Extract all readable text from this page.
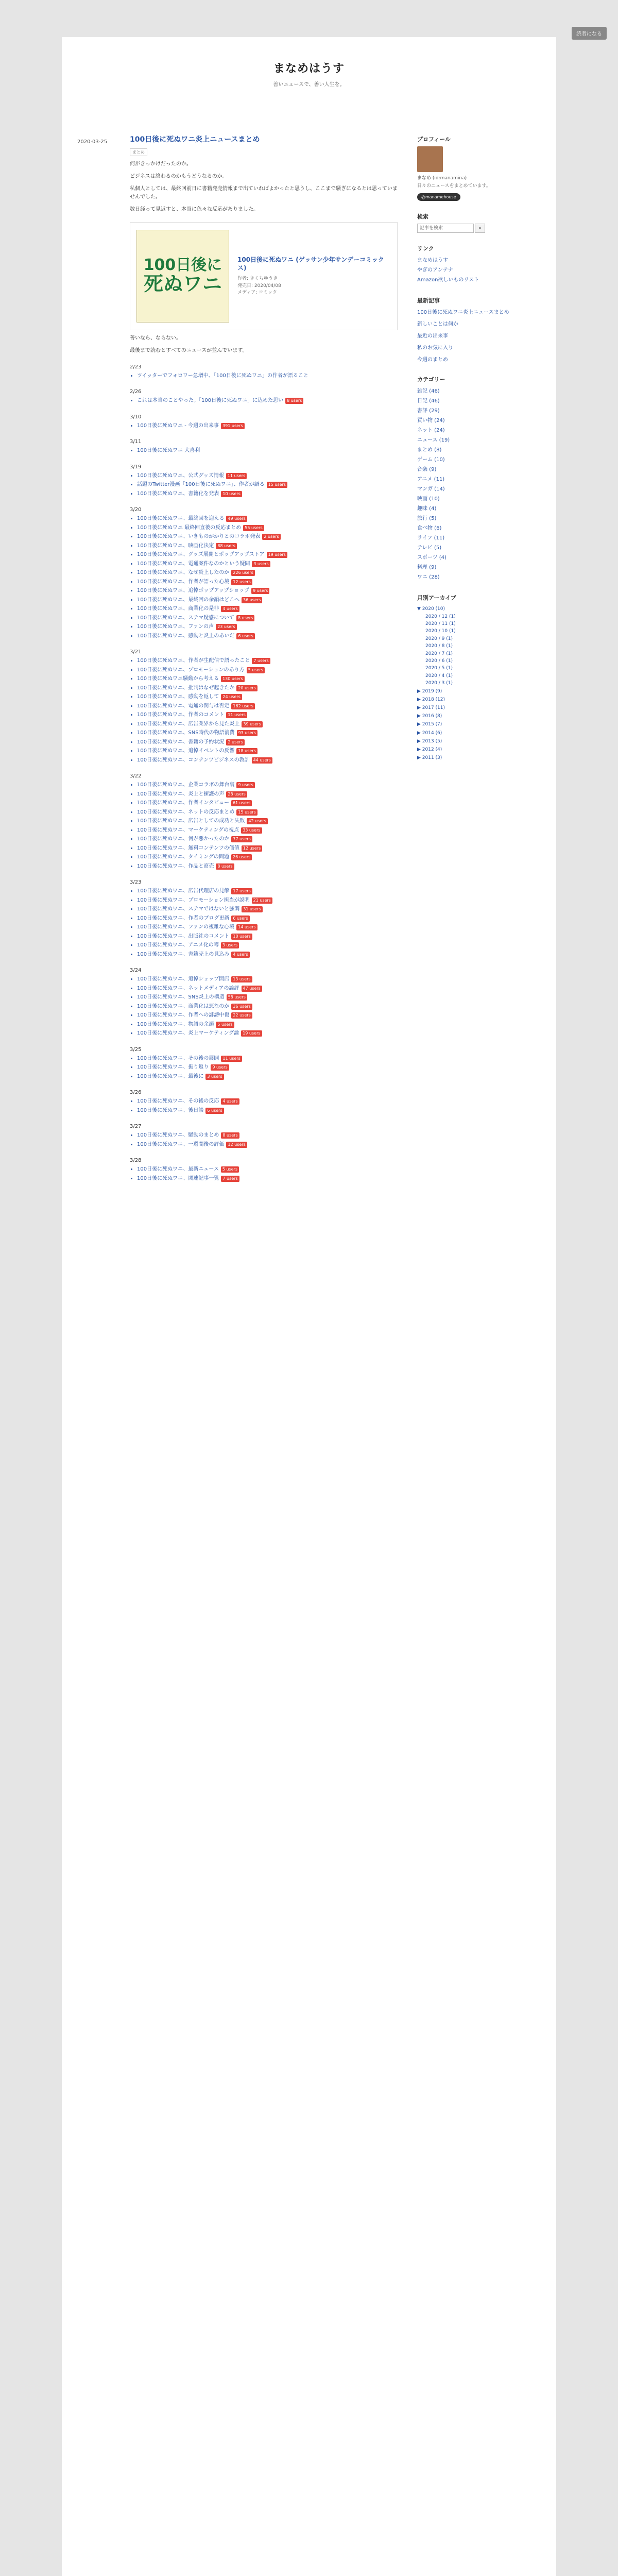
読者になる
まなめはうす
善いニュースで、善い人生を。
2020-03-25	100日後に死ぬワニ炎上ニュースまとめ
まとめ

何がきっかけだったのか。

ビジネスは終わるのかもうどうなるのか。

私個人としては、最終回前日に書籍発売情報まで出ていればよかったと思うし、ここまで騒ぎになるとは思っていませんでした。

数日経って見返すと、本当に色々な反応がありました。

100日後に
死ぬワニ
100日後に死ぬワニ (ゲッサン少年サンデーコミックス)
作者: きくちゆうき
発売日: 2020/04/08
メディア: コミック

善いなら、ならない。

最後まで読むとすべてのニュースが並んでいます。

2/23
• ツイッターでフォロワー急増中、「100日後に死ぬワニ」の作者が語ること
2/26
• これは本当のことやった。「100日後に死ぬワニ」に込めた思い 8 users
3/10
• 100日後に死ぬワニ - 今週の出来事 391 users
3/11
• 100日後に死ぬワニ 大喜利
3/19
• 100日後に死ぬワニ、公式グッズ情報 11 users
• 話題のTwitter漫画「100日後に死ぬワニ」、作者が語る 15 users
• 100日後に死ぬワニ、書籍化を発表 10 users
3/20
• 100日後に死ぬワニ、最終回を迎える 49 users
• 100日後に死ぬワニ 最終回直後の反応まとめ 55 users
• 100日後に死ぬワニ、いきものがかりとのコラボ発表 2 users
• 100日後に死ぬワニ、映画化決定 88 users
• 100日後に死ぬワニ、グッズ展開とポップアップストア 19 users
• 100日後に死ぬワニ、電通案件なのかという疑問 3 users
• 100日後に死ぬワニ、なぜ炎上したのか 226 users
• 100日後に死ぬワニ、作者が語った心境 12 users
• 100日後に死ぬワニ、追悼ポップアップショップ 9 users
• 100日後に死ぬワニ、最終回の余韻はどこへ 36 users
• 100日後に死ぬワニ、商業化の是非 4 users
• 100日後に死ぬワニ、ステマ疑惑について 8 users
• 100日後に死ぬワニ、ファンの声 23 users
• 100日後に死ぬワニ、感動と炎上のあいだ 6 users
3/21
• 100日後に死ぬワニ、作者が生配信で語ったこと 7 users
• 100日後に死ぬワニ、プロモーションのあり方 5 users
• 100日後に死ぬワニ騒動から考える 130 users
• 100日後に死ぬワニ、批判はなぜ起きたか 20 users
• 100日後に死ぬワニ、感動を返して 24 users
• 100日後に死ぬワニ、電通の関与は否定 162 users
• 100日後に死ぬワニ、作者のコメント 11 users
• 100日後に死ぬワニ、広告業界から見た炎上 39 users
• 100日後に死ぬワニ、SNS時代の物語消費 93 users
• 100日後に死ぬワニ、書籍の予約状況 2 users
• 100日後に死ぬワニ、追悼イベントの反響 18 users
• 100日後に死ぬワニ、コンテンツビジネスの教訓 44 users
3/22
• 100日後に死ぬワニ、企業コラボの舞台裏 9 users
• 100日後に死ぬワニ、炎上と擁護の声 28 users
• 100日後に死ぬワニ、作者インタビュー 61 users
• 100日後に死ぬワニ、ネットの反応まとめ 15 users
• 100日後に死ぬワニ、広告としての成功と失敗 42 users
• 100日後に死ぬワニ、マーケティングの視点 33 users
• 100日後に死ぬワニ、何が悪かったのか 77 users
• 100日後に死ぬワニ、無料コンテンツの価値 12 users
• 100日後に死ぬワニ、タイミングの問題 26 users
• 100日後に死ぬワニ、作品と商売 8 users
3/23
• 100日後に死ぬワニ、広告代理店の見解 17 users
• 100日後に死ぬワニ、プロモーション担当が説明 21 users
• 100日後に死ぬワニ、ステマではないと強調 31 users
• 100日後に死ぬワニ、作者のブログ更新 6 users
• 100日後に死ぬワニ、ファンの複雑な心境 14 users
• 100日後に死ぬワニ、出版社のコメント 10 users
• 100日後に死ぬワニ、アニメ化の噂 3 users
• 100日後に死ぬワニ、書籍売上の見込み 4 users
3/24
• 100日後に死ぬワニ、追悼ショップ開店 13 users
• 100日後に死ぬワニ、ネットメディアの論評 47 users
• 100日後に死ぬワニ、SNS炎上の構造 58 users
• 100日後に死ぬワニ、商業化は悪なのか 36 users
• 100日後に死ぬワニ、作者への誹謗中傷 22 users
• 100日後に死ぬワニ、物語の余韻 5 users
• 100日後に死ぬワニ、炎上マーケティング論 19 users
3/25
• 100日後に死ぬワニ、その後の展開 11 users
• 100日後に死ぬワニ、振り返り 9 users
• 100日後に死ぬワニ、最後に 3 users
3/26
• 100日後に死ぬワニ、その後の反応 4 users
• 100日後に死ぬワニ、後日談 6 users
3/27
• 100日後に死ぬワニ、騒動のまとめ 8 users
• 100日後に死ぬワニ、一週間後の評価 12 users
3/28
• 100日後に死ぬワニ、最新ニュース 5 users
• 100日後に死ぬワニ、関連記事一覧 7 users
プロフィール
まなめ (id:manamina)
日々のニュースをまとめています。
@manamehouse
検索
記事を検索
⌕
リンク
まなめはうす
やぎのアンテナ
Amazon欲しいものリスト
最新記事
100日後に死ぬワニ炎上ニュースまとめ
新しいことは何か
最近の出来事
私のお気に入り
今週のまとめ
カテゴリー
雑記 (46)
日記 (46)
書評 (29)
買い物 (24)
ネット (24)
ニュース (19)
まとめ (8)
ゲーム (10)
音楽 (9)
アニメ (11)
マンガ (14)
映画 (10)
趣味 (4)
旅行 (5)
食べ物 (6)
ライフ (11)
テレビ (5)
スポーツ (4)
料理 (9)
ワニ (28)
月別アーカイブ
▼ 2020 (10)
2020 / 12 (1)
2020 / 11 (1)
2020 / 10 (1)
2020 / 9 (1)
2020 / 8 (1)
2020 / 7 (1)
2020 / 6 (1)
2020 / 5 (1)
2020 / 4 (1)
2020 / 3 (1)
▶ 2019 (9)
▶ 2018 (12)
▶ 2017 (11)
▶ 2016 (8)
▶ 2015 (7)
▶ 2014 (6)
▶ 2013 (5)
▶ 2012 (4)
▶ 2011 (3)
